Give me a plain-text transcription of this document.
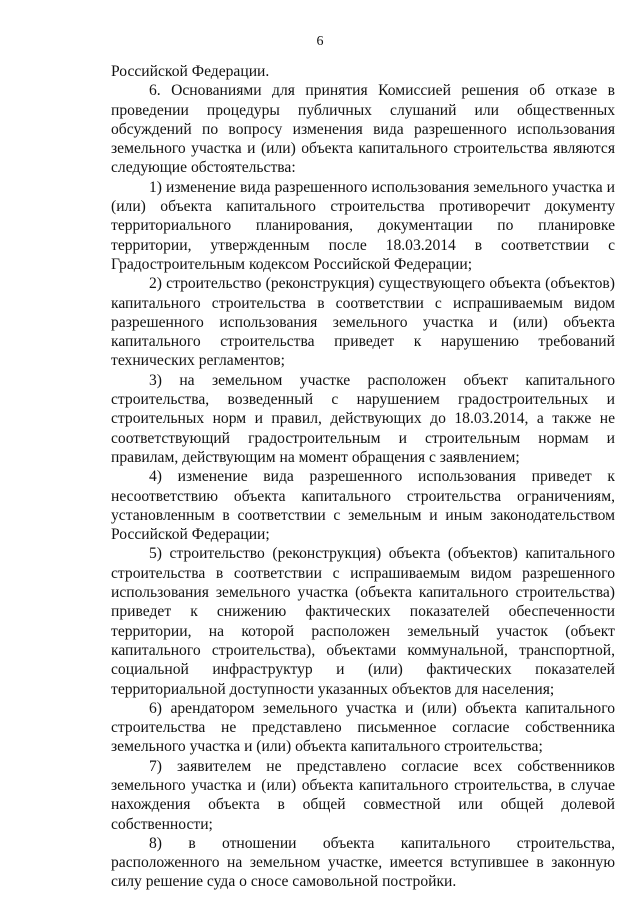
6

Российской Федерации.

6. Основаниями для принятия Комиссией решения об отказе в проведении процедуры публичных слушаний или общественных обсуждений по вопросу изменения вида разрешенного использования земельного участка и (или) объекта капитального строительства являются следующие обстоятельства:

1) изменение вида разрешенного использования земельного участка и (или) объекта капитального строительства противоречит документу территориального планирования, документации по планировке территории, утвержденным после 18.03.2014 в соответствии с Градостроительным кодексом Российской Федерации;

2) строительство (реконструкция) существующего объекта (объектов) капитального строительства в соответствии с испрашиваемым видом разрешенного использования земельного участка и (или) объекта капитального строительства приведет к нарушению требований технических регламентов;

3) на земельном участке расположен объект капитального строительства, возведенный с нарушением градостроительных и строительных норм и правил, действующих до 18.03.2014, а также не соответствующий градостроительным и строительным нормам и правилам, действующим на момент обращения с заявлением;

4) изменение вида разрешенного использования приведет к несоответствию объекта капитального строительства ограничениям, установленным в соответствии с земельным и иным законодательством Российской Федерации;

5) строительство (реконструкция) объекта (объектов) капитального строительства в соответствии с испрашиваемым видом разрешенного использования земельного участка (объекта капитального строительства) приведет к снижению фактических показателей обеспеченности территории, на которой расположен земельный участок (объект капитального строительства), объектами коммунальной, транспортной, социальной инфраструктур и (или) фактических показателей территориальной доступности указанных объектов для населения;

6) арендатором земельного участка и (или) объекта капитального строительства не представлено письменное согласие собственника земельного участка и (или) объекта капитального строительства;

7) заявителем не представлено согласие всех собственников земельного участка и (или) объекта капитального строительства, в случае нахождения объекта в общей совместной или общей долевой собственности;

8) в отношении объекта капитального строительства, расположенного на земельном участке, имеется вступившее в законную силу решение суда о сносе самовольной постройки.
